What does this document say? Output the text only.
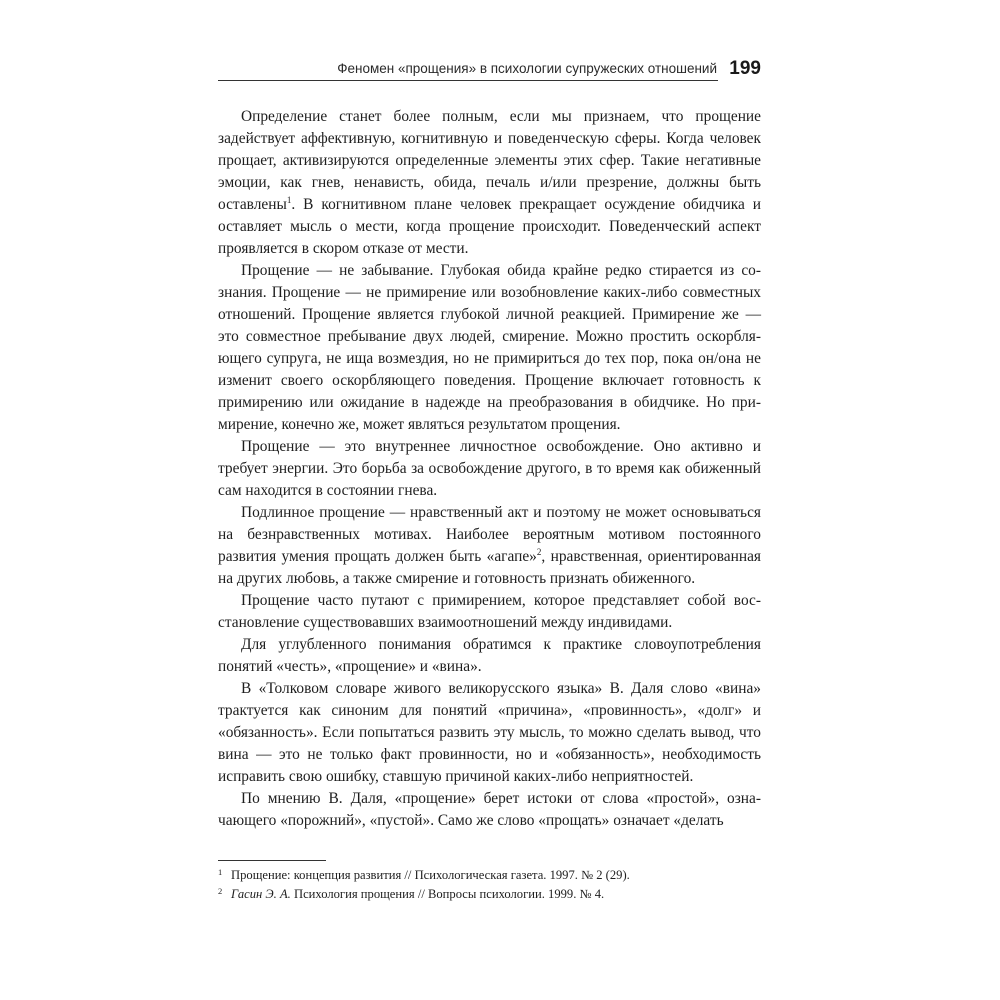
Феномен «прощения» в психологии супружеских отношений 199

Определение станет более полным, если мы признаем, что прощение задействует аффективную, когнитивную и поведенческую сферы. Когда человек прощает, активизируются определенные элементы этих сфер. Такие негативные эмоции, как гнев, ненависть, обида, печаль и/или презрение, должны быть оставлены$^1$. В когнитивном плане человек прекращает осуждение обидчика и оставляет мысль о мести, когда прощение происходит. Поведенческий аспект проявляется в скором отказе от мести.

Прощение — не забывание. Глубокая обида крайне редко стирается из сознания. Прощение — не примирение или возобновление каких-либо совместных отношений. Прощение является глубокой личной реакцией. Примирение же — это совместное пребывание двух людей, смирение. Можно простить оскорбляющего супруга, не ища возмездия, но не примириться до тех пор, пока он/она не изменит своего оскорбляющего поведения. Прощение включает готовность к примирению или ожидание в надежде на преобразования в обидчике. Но примирение, конечно же, может являться результатом прощения.

Прощение — это внутреннее личностное освобождение. Оно активно и требует энергии. Это борьба за освобождение другого, в то время как обиженный сам находится в состоянии гнева.

Подлинное прощение — нравственный акт и поэтому не может основываться на безнравственных мотивах. Наиболее вероятным мотивом постоянного развития умения прощать должен быть «агапе»$^2$, нравственная, ориентированная на других любовь, а также смирение и готовность признать обиженного.

Прощение часто путают с примирением, которое представляет собой восстановление существовавших взаимоотношений между индивидами.

Для углубленного понимания обратимся к практике словоупотребления понятий «честь», «прощение» и «вина».

В «Толковом словаре живого великорусского языка» В. Даля слово «вина» трактуется как синоним для понятий «причина», «провинность», «долг» и «обязанность». Если попытаться развить эту мысль, то можно сделать вывод, что вина — это не только факт провинности, но и «обязанность», необходимость исправить свою ошибку, ставшую причиной каких-либо неприятностей.

По мнению В. Даля, «прощение» берет истоки от слова «простой», означающего «порожний», «пустой». Само же слово «прощать» означает «делать

1 Прощение: концепция развития // Психологическая газета. 1997. № 2 (29).
2 Гасин Э. А. Психология прощения // Вопросы психологии. 1999. № 4.
